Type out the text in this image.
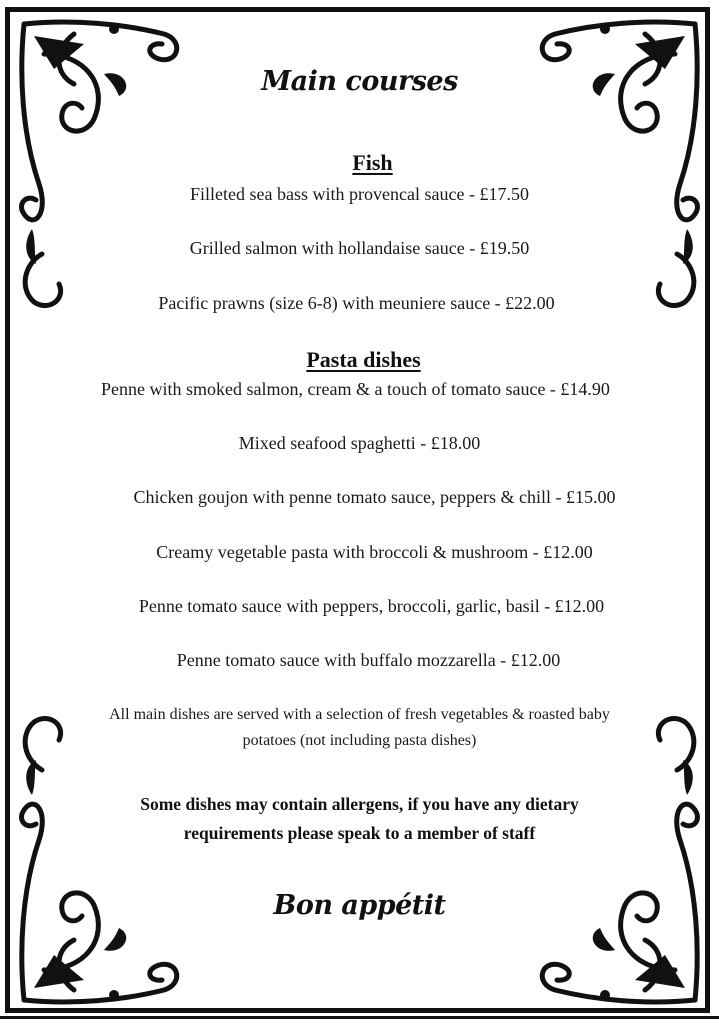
Main courses
Fish
Filleted sea bass with provencal sauce - £17.50
Grilled salmon with hollandaise sauce - £19.50
Pacific prawns (size 6-8) with meuniere sauce - £22.00
Pasta dishes
Penne with smoked salmon, cream & a touch of tomato sauce - £14.90
Mixed seafood spaghetti - £18.00
Chicken goujon with penne tomato sauce, peppers & chill - £15.00
Creamy vegetable pasta with broccoli & mushroom - £12.00
Penne tomato sauce with peppers, broccoli, garlic, basil - £12.00
Penne tomato sauce with buffalo mozzarella - £12.00
All main dishes are served with a selection of fresh vegetables & roasted baby
potatoes (not including pasta dishes)
Some dishes may contain allergens, if you have any dietary
requirements please speak to a member of staff
Bon appétit
